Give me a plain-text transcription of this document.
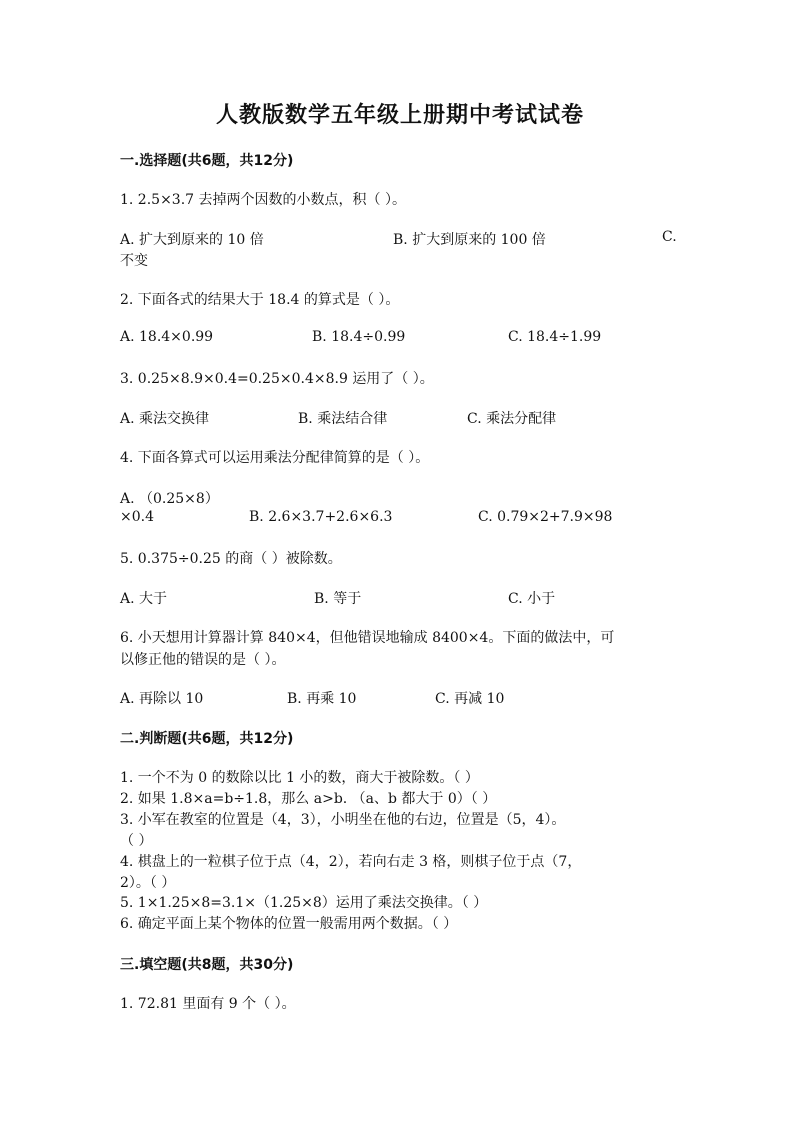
人教版数学五年级上册期中考试试卷
一.选择题(共6题，共12分)
1. 2.5×3.7 去掉两个因数的小数点，积（ ）。
A. 扩大到原来的 10 倍	B. 扩大到原来的 100 倍	C.
不变
2. 下面各式的结果大于 18.4 的算式是（ ）。
A. 18.4×0.99	B. 18.4÷0.99	C. 18.4÷1.99
3. 0.25×8.9×0.4=0.25×0.4×8.9 运用了（ ）。
A. 乘法交换律	B. 乘法结合律	C. 乘法分配律
4. 下面各算式可以运用乘法分配律简算的是（ ）。
A. （0.25×8）
×0.4	B. 2.6×3.7+2.6×6.3	C. 0.79×2+7.9×98
5. 0.375÷0.25 的商（ ）被除数。
A. 大于	B. 等于	C. 小于
6. 小天想用计算器计算 840×4，但他错误地输成 8400×4。下面的做法中，可
以修正他的错误的是（ ）。
A. 再除以 10	B. 再乘 10	C. 再减 10
二.判断题(共6题，共12分)
1. 一个不为 0 的数除以比 1 小的数，商大于被除数。（ ）
2. 如果 1.8×a=b÷1.8，那么 a>b. （a、b 都大于 0）（ ）
3. 小军在教室的位置是（4，3），小明坐在他的右边，位置是（5，4）。
（ ）
4. 棋盘上的一粒棋子位于点（4，2），若向右走 3 格，则棋子位于点（7，
2）。（ ）
5. 1×1.25×8=3.1×（1.25×8）运用了乘法交换律。（ ）
6. 确定平面上某个物体的位置一般需用两个数据。（ ）
三.填空题(共8题，共30分)
1. 72.81 里面有 9 个（ ）。
